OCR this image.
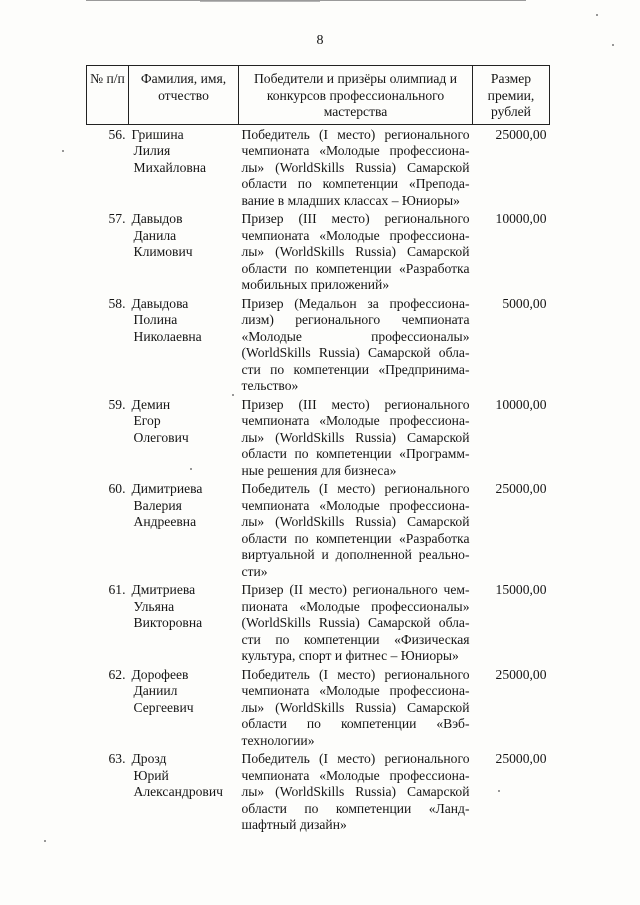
8
№ п/п	Фамилия, имя, отчество	Победители и призёры олимпиад и конкурсов профессионального мастерства	Размер премии, рублей
56.	Гришина
Лилия
Михайловна	Победитель (I место) регионального чемпионата «Молодые профессиона-лы» (WorldSkills Russia) Самарской области по компетенции «Препода-вание в младших классах – Юниоры»	25000,00
57.	Давыдов
Данила
Климович	Призер (III место) регионального чемпионата «Молодые профессиона-лы» (WorldSkills Russia) Самарской области по компетенции «Разработка мобильных приложений»	10000,00
58.	Давыдова
Полина
Николаевна	Призер (Медальон за профессиона-лизм) регионального чемпионата «Молодые профессионалы» (WorldSkills Russia) Самарской обла-сти по компетенции «Предпринима-тельство»	5000,00
59.	Демин
Егор
Олегович	Призер (III место) регионального чемпионата «Молодые профессиона-лы» (WorldSkills Russia) Самарской области по компетенции «Программ-ные решения для бизнеса»	10000,00
60.	Димитриева
Валерия
Андреевна	Победитель (I место) регионального чемпионата «Молодые профессиона-лы» (WorldSkills Russia) Самарской области по компетенции «Разработка виртуальной и дополненной реально-сти»	25000,00
61.	Дмитриева
Ульяна
Викторовна	Призер (II место) регионального чем-пионата «Молодые профессионалы» (WorldSkills Russia) Самарской обла-сти по компетенции «Физическая культура, спорт и фитнес – Юниоры»	15000,00
62.	Дорофеев
Даниил
Сергеевич	Победитель (I место) регионального чемпионата «Молодые профессиона-лы» (WorldSkills Russia) Самарской области по компетенции «Вэб-технологии»	25000,00
63.	Дрозд
Юрий
Александрович	Победитель (I место) регионального чемпионата «Молодые профессиона-лы» (WorldSkills Russia) Самарской области по компетенции «Ланд-шафтный дизайн»	25000,00
